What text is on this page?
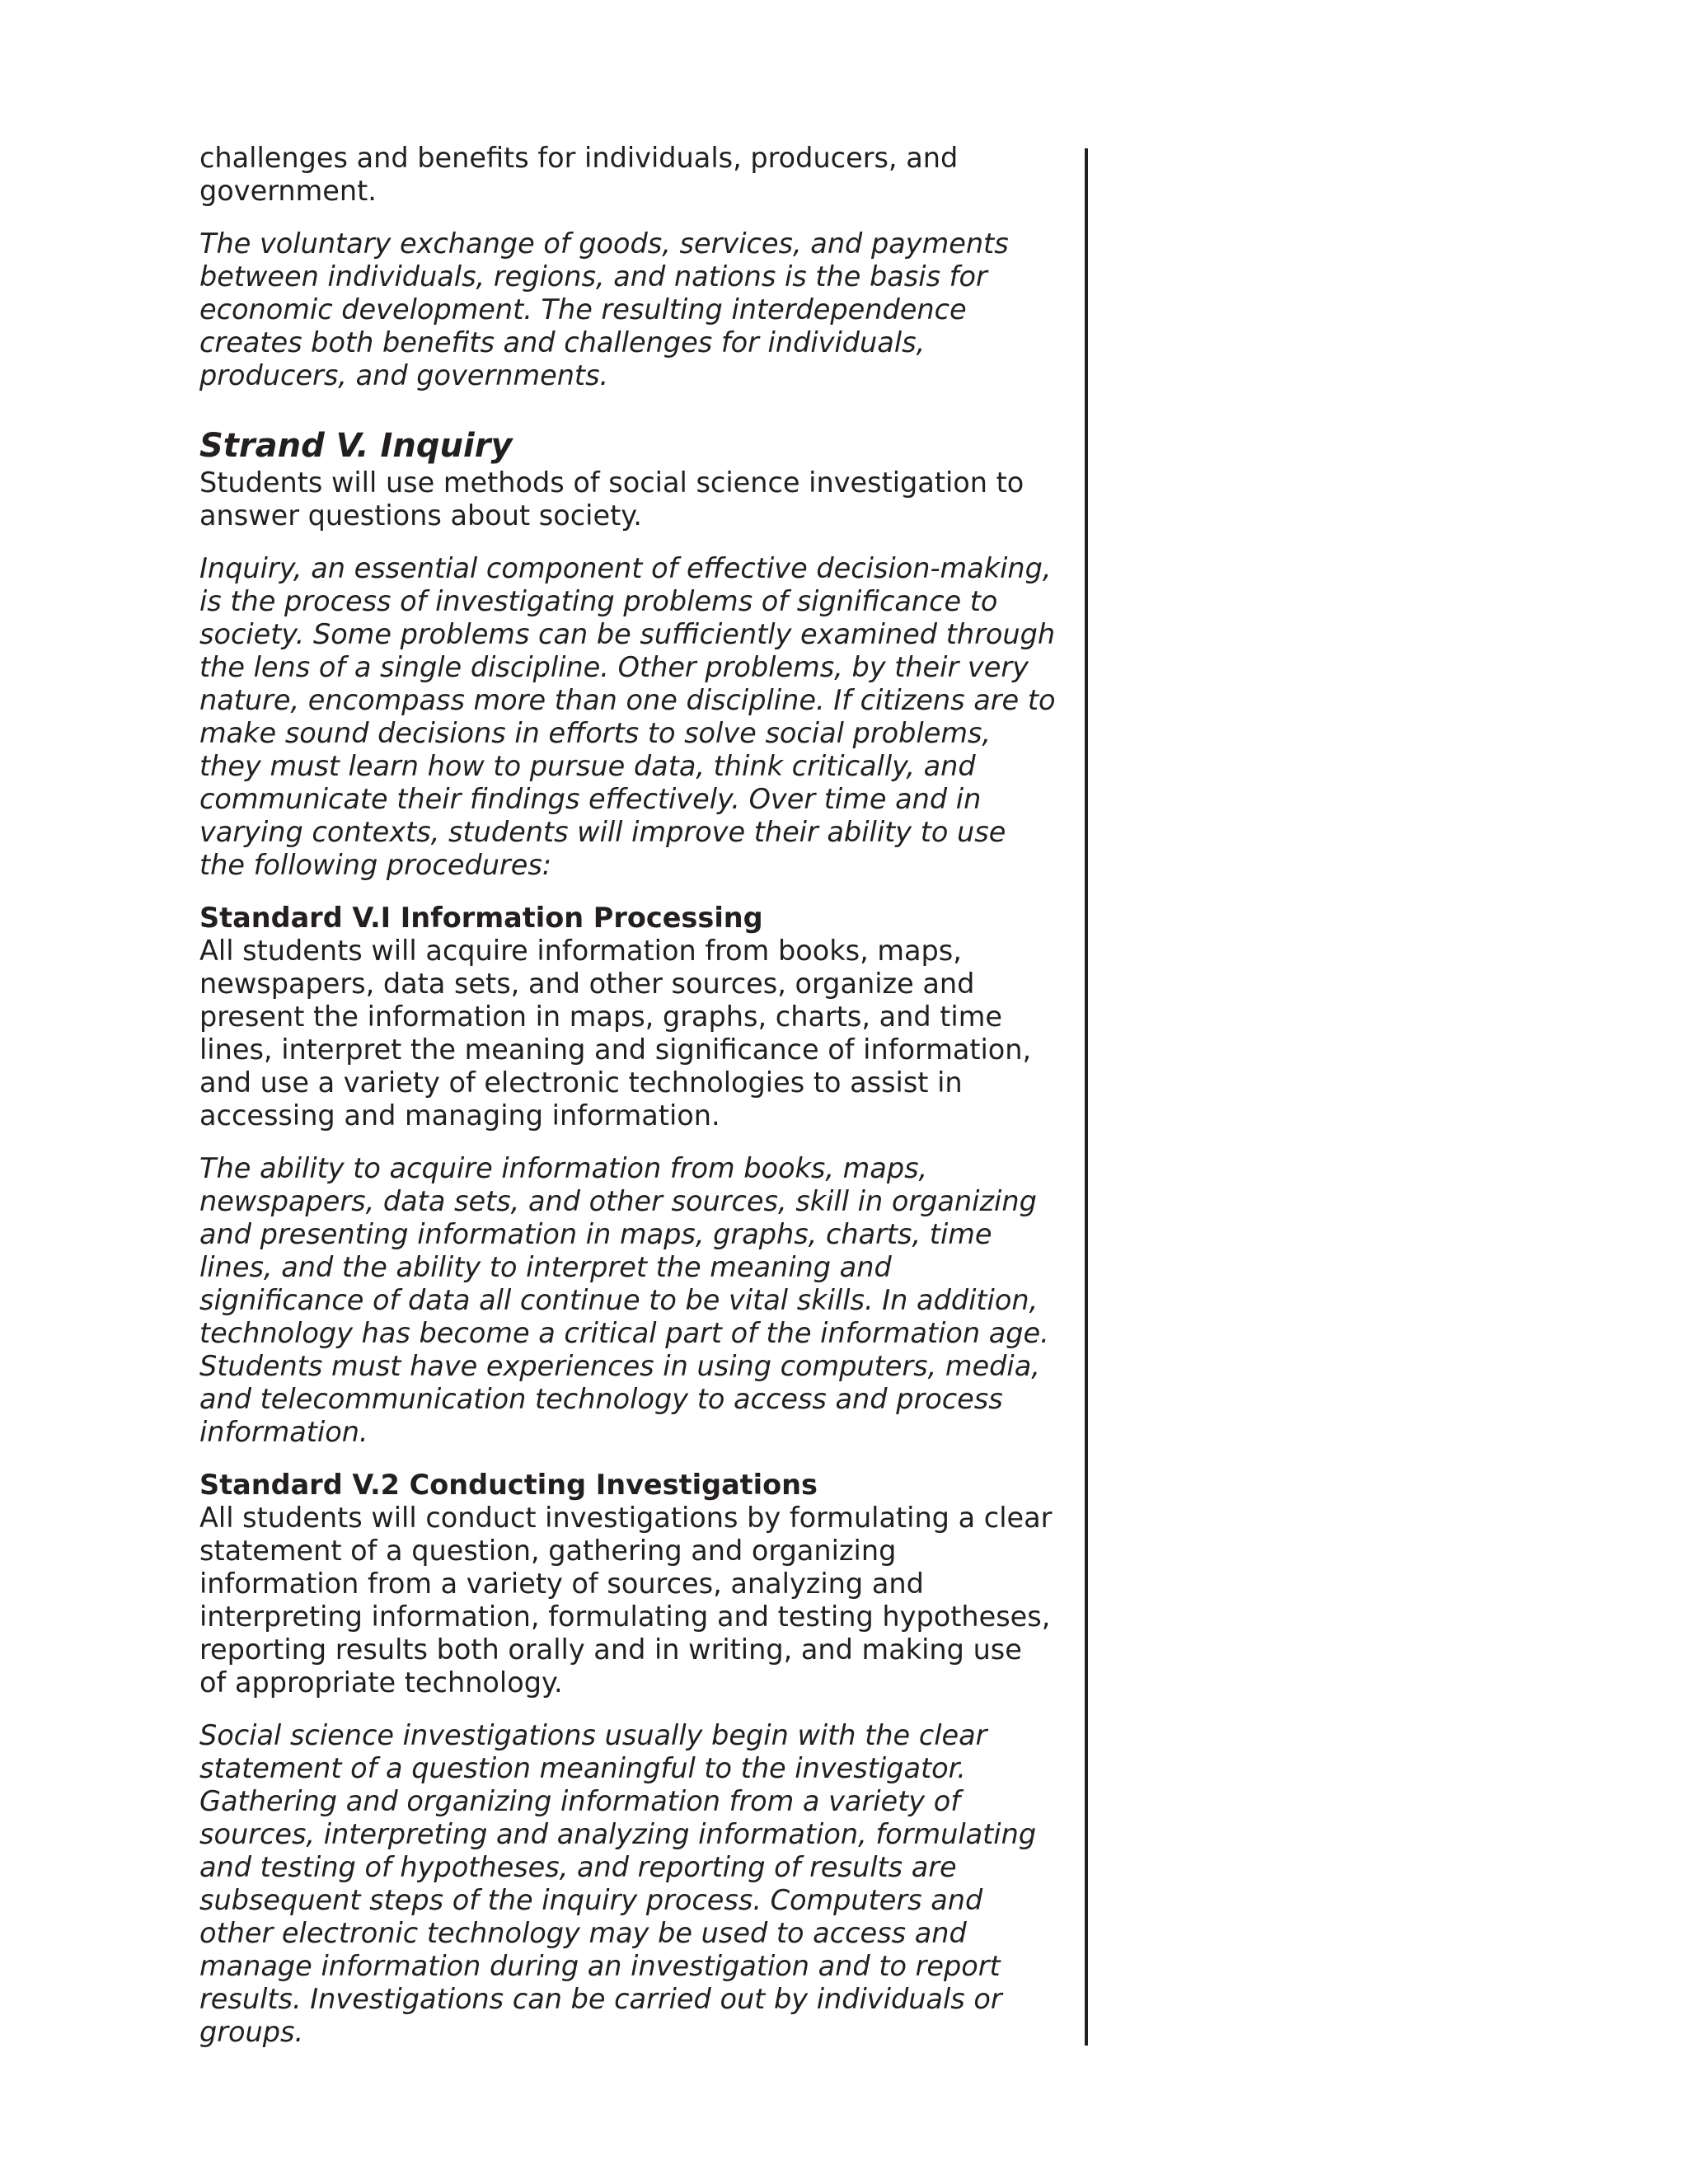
challenges and benefits for individuals, producers, and government.

The voluntary exchange of goods, services, and payments between individuals, regions, and nations is the basis for economic development. The resulting interdependence creates both benefits and challenges for individuals, producers, and governments.

Strand V. Inquiry

Students will use methods of social science investigation to answer questions about society.

Inquiry, an essential component of effective decision-making, is the process of investigating problems of significance to society. Some problems can be sufficiently examined through the lens of a single discipline. Other problems, by their very nature, encompass more than one discipline. If citizens are to make sound decisions in efforts to solve social problems, they must learn how to pursue data, think critically, and communicate their findings effectively. Over time and in varying contexts, students will improve their ability to use the following procedures:

Standard V.I Information Processing

All students will acquire information from books, maps, newspapers, data sets, and other sources, organize and present the information in maps, graphs, charts, and time lines, interpret the meaning and significance of information, and use a variety of electronic technologies to assist in accessing and managing information.

The ability to acquire information from books, maps, newspapers, data sets, and other sources, skill in organizing and presenting information in maps, graphs, charts, time lines, and the ability to interpret the meaning and significance of data all continue to be vital skills. In addition, technology has become a critical part of the information age. Students must have experiences in using computers, media, and telecommunication technology to access and process information.

Standard V.2 Conducting Investigations

All students will conduct investigations by formulating a clear statement of a question, gathering and organizing information from a variety of sources, analyzing and interpreting information, formulating and testing hypotheses, reporting results both orally and in writing, and making use of appropriate technology.

Social science investigations usually begin with the clear statement of a question meaningful to the investigator. Gathering and organizing information from a variety of sources, interpreting and analyzing information, formulating and testing of hypotheses, and reporting of results are subsequent steps of the inquiry process. Computers and other electronic technology may be used to access and manage information during an investigation and to report results. Investigations can be carried out by individuals or groups.
